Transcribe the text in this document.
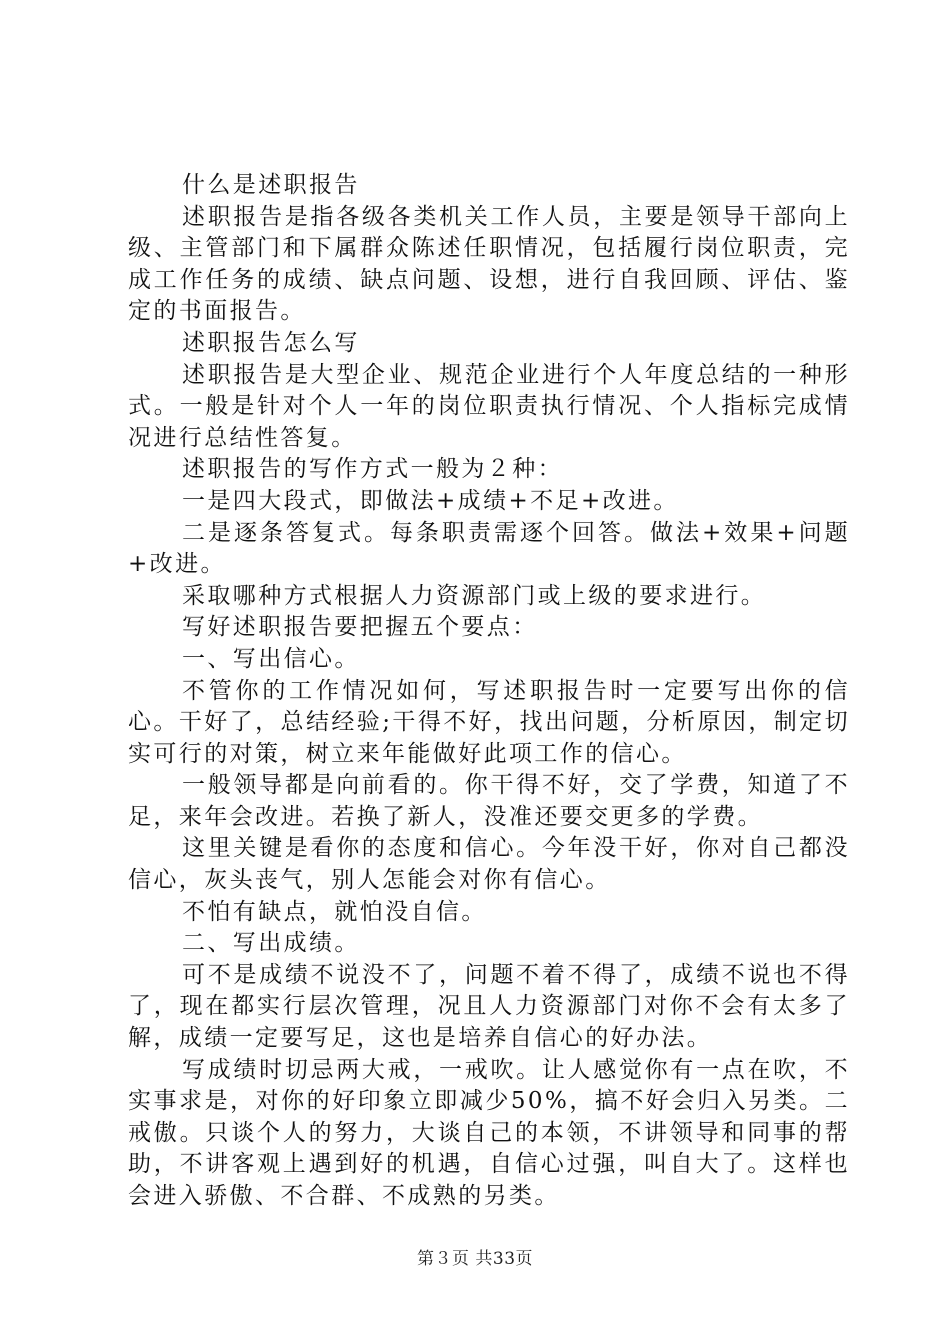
什么是述职报告

述职报告是指各级各类机关工作人员，主要是领导干部向上级、主管部门和下属群众陈述任职情况，包括履行岗位职责，完成工作任务的成绩、缺点问题、设想，进行自我回顾、评估、鉴定的书面报告。

述职报告怎么写

述职报告是大型企业、规范企业进行个人年度总结的一种形式。一般是针对个人一年的岗位职责执行情况、个人指标完成情况进行总结性答复。

述职报告的写作方式一般为２种：

一是四大段式，即做法+成绩+不足+改进。

二是逐条答复式。每条职责需逐个回答。做法+效果+问题+改进。

采取哪种方式根据人力资源部门或上级的要求进行。

写好述职报告要把握五个要点：

一、写出信心。

不管你的工作情况如何，写述职报告时一定要写出你的信心。干好了，总结经验;干得不好，找出问题，分析原因，制定切实可行的对策，树立来年能做好此项工作的信心。

一般领导都是向前看的。你干得不好，交了学费，知道了不足，来年会改进。若换了新人，没准还要交更多的学费。

这里关键是看你的态度和信心。今年没干好，你对自己都没信心，灰头丧气，别人怎能会对你有信心。

不怕有缺点，就怕没自信。

二、写出成绩。

可不是成绩不说没不了，问题不着不得了，成绩不说也不得了，现在都实行层次管理，况且人力资源部门对你不会有太多了解，成绩一定要写足，这也是培养自信心的好办法。

写成绩时切忌两大戒，一戒吹。让人感觉你有一点在吹，不实事求是，对你的好印象立即减少50%，搞不好会归入另类。二戒傲。只谈个人的努力，大谈自己的本领，不讲领导和同事的帮助，不讲客观上遇到好的机遇，自信心过强，叫自大了。这样也会进入骄傲、不合群、不成熟的另类。

第３页 共33页
